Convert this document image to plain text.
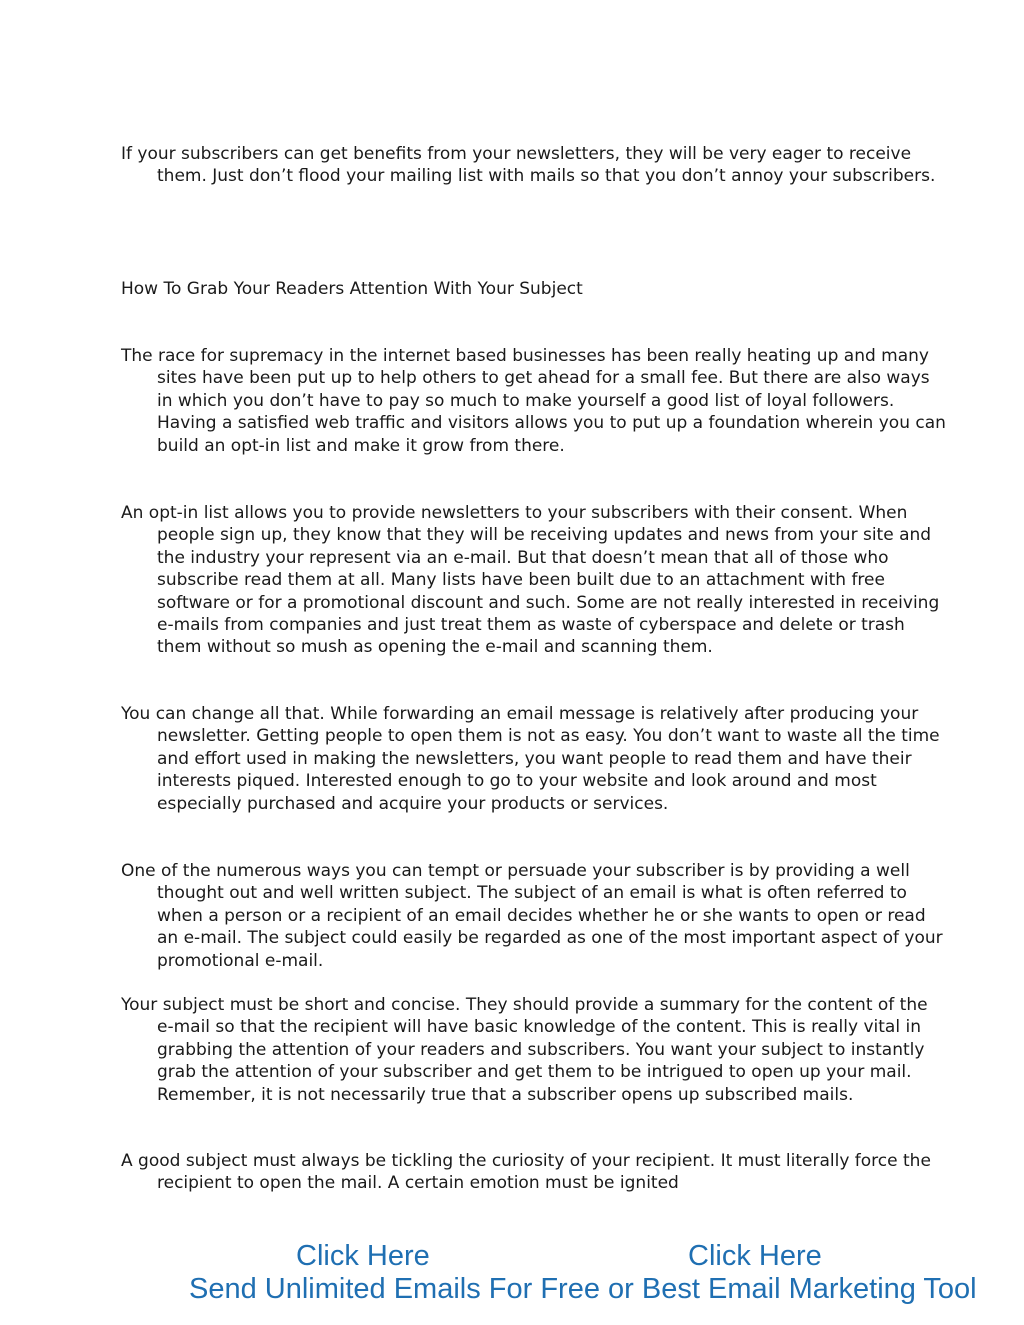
If your subscribers can get benefits from your newsletters, they will be very eager to receive them. Just don’t flood your mailing list with mails so that you don’t annoy your subscribers.

How To Grab Your Readers Attention With Your Subject

The race for supremacy in the internet based businesses has been really heating up and many sites have been put up to help others to get ahead for a small fee. But there are also ways in which you don’t have to pay so much to make yourself a good list of loyal followers. Having a satisfied web traffic and visitors allows you to put up a foundation wherein you can build an opt-in list and make it grow from there.

An opt-in list allows you to provide newsletters to your subscribers with their consent. When people sign up, they know that they will be receiving updates and news from your site and the industry your represent via an e-mail. But that doesn’t mean that all of those who subscribe read them at all. Many lists have been built due to an attachment with free software or for a promotional discount and such. Some are not really interested in receiving e-mails from companies and just treat them as waste of cyberspace and delete or trash them without so mush as opening the e-mail and scanning them.

You can change all that. While forwarding an email message is relatively after producing your newsletter. Getting people to open them is not as easy. You don’t want to waste all the time and effort used in making the newsletters, you want people to read them and have their interests piqued. Interested enough to go to your website and look around and most especially purchased and acquire your products or services.

One of the numerous ways you can tempt or persuade your subscriber is by providing a well thought out and well written subject. The subject of an email is what is often referred to when a person or a recipient of an email decides whether he or she wants to open or read an e-mail. The subject could easily be regarded as one of the most important aspect of your promotional e-mail.

Your subject must be short and concise. They should provide a summary for the content of the e-mail so that the recipient will have basic knowledge of the content. This is really vital in grabbing the attention of your readers and subscribers. You want your subject to instantly grab the attention of your subscriber and get them to be intrigued to open up your mail. Remember, it is not necessarily true that a subscriber opens up subscribed mails.

A good subject must always be tickling the curiosity of your recipient. It must literally force the recipient to open the mail. A certain emotion must be ignited

Click Here	Click Here
Send Unlimited Emails For Free or Best Email Marketing Tool
